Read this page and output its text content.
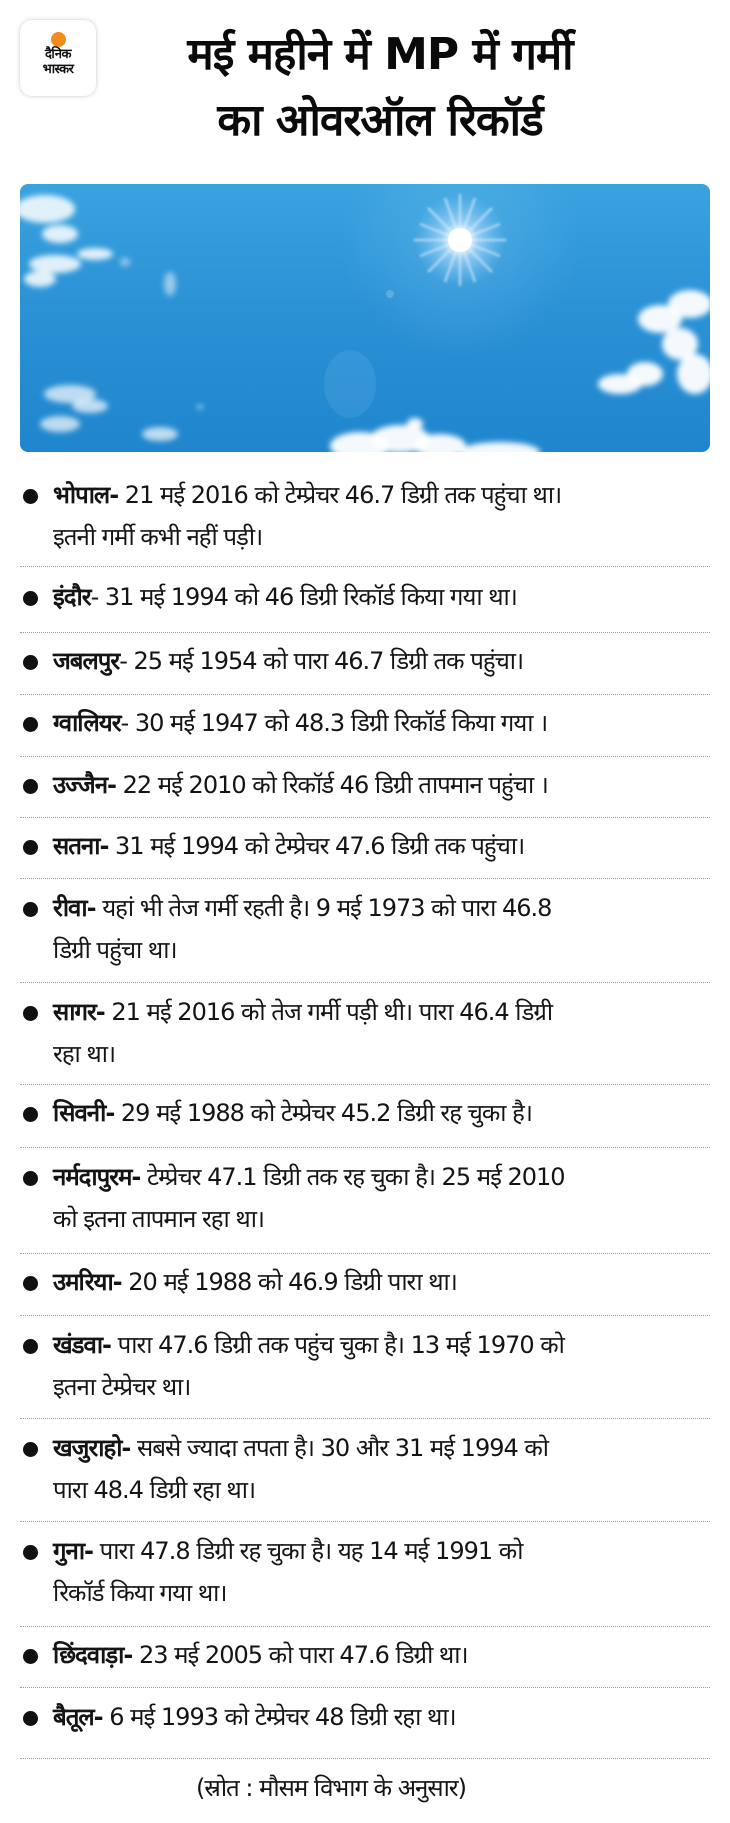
दैनिक
भास्कर	मई महीने में MP में गर्मी
का ओवरऑल रिकॉर्ड
भोपाल- 21 मई 2016 को टेम्प्रेचर 46.7 डिग्री तक पहुंचा था।
इतनी गर्मी कभी नहीं पड़ी।
इंदौर- 31 मई 1994 को 46 डिग्री रिकॉर्ड किया गया था।
जबलपुर- 25 मई 1954 को पारा 46.7 डिग्री तक पहुंचा।
ग्वालियर- 30 मई 1947 को 48.3 डिग्री रिकॉर्ड किया गया ।
उज्जैन- 22 मई 2010 को रिकॉर्ड 46 डिग्री तापमान पहुंचा ।
सतना- 31 मई 1994 को टेम्प्रेचर 47.6 डिग्री तक पहुंचा।
रीवा- यहां भी तेज गर्मी रहती है। 9 मई 1973 को पारा 46.8
डिग्री पहुंचा था।
सागर- 21 मई 2016 को तेज गर्मी पड़ी थी। पारा 46.4 डिग्री
रहा था।
सिवनी- 29 मई 1988 को टेम्प्रेचर 45.2 डिग्री रह चुका है।
नर्मदापुरम- टेम्प्रेचर 47.1 डिग्री तक रह चुका है। 25 मई 2010
को इतना तापमान रहा था।
उमरिया- 20 मई 1988 को 46.9 डिग्री पारा था।
खंडवा- पारा 47.6 डिग्री तक पहुंच चुका है। 13 मई 1970 को
इतना टेम्प्रेचर था।
खजुराहो- सबसे ज्यादा तपता है। 30 और 31 मई 1994 को
पारा 48.4 डिग्री रहा था।
गुना- पारा 47.8 डिग्री रह चुका है। यह 14 मई 1991 को
रिकॉर्ड किया गया था।
छिंदवाड़ा- 23 मई 2005 को पारा 47.6 डिग्री था।
बैतूल- 6 मई 1993 को टेम्प्रेचर 48 डिग्री रहा था।
(स्रोत : मौसम विभाग के अनुसार)
